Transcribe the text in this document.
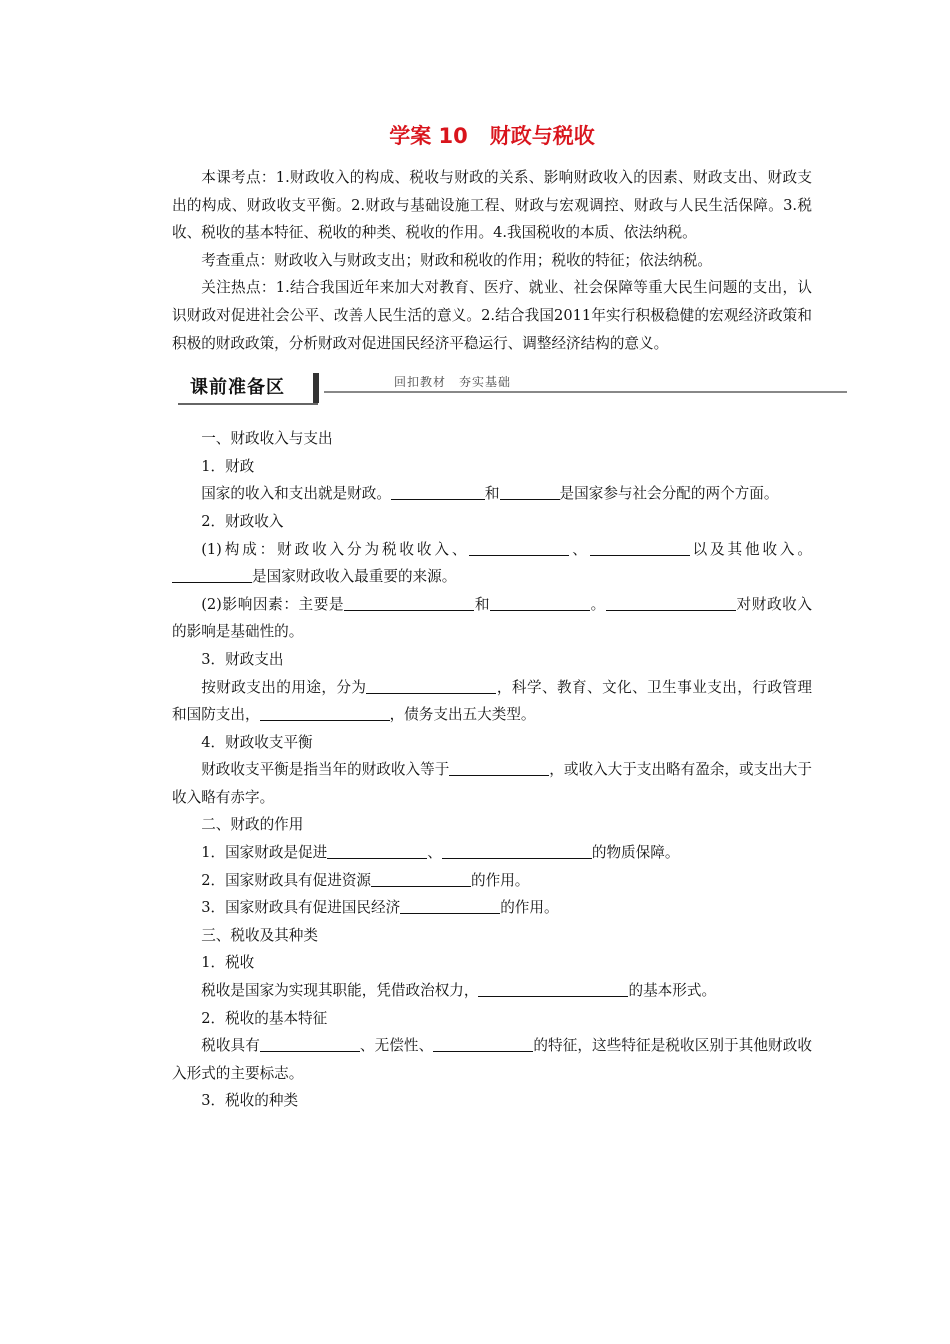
学案 10 财政与税收

本课考点：1.财政收入的构成、税收与财政的关系、影响财政收入的因素、财政支出、财政支出的构成、财政收支平衡。2.财政与基础设施工程、财政与宏观调控、财政与人民生活保障。3.税收、税收的基本特征、税收的种类、税收的作用。4.我国税收的本质、依法纳税。

考查重点：财政收入与财政支出；财政和税收的作用；税收的特征；依法纳税。

关注热点：1.结合我国近年来加大对教育、医疗、就业、社会保障等重大民生问题的支出，认识财政对促进社会公平、改善人民生活的意义。2.结合我国2011年实行积极稳健的宏观经济政策和积极的财政政策，分析财政对促进国民经济平稳运行、调整经济结构的意义。

课前准备区	回扣教材　夯实基础

一、财政收入与支出

1．财政

国家的收入和支出就是财政。	和	是国家参与社会分配的两个方面。

2．财政收入

(1)构成：财政收入分为税收收入、	、	以及其他收入。是国家财政收入最重要的来源。

(2)影响因素：主要是	和	。	对财政收入的影响是基础性的。

3．财政支出

按财政支出的用途，分为	，科学、教育、文化、卫生事业支出，行政管理和国防支出，	，债务支出五大类型。

4．财政收支平衡

财政收支平衡是指当年的财政收入等于	，或收入大于支出略有盈余，或支出大于收入略有赤字。

二、财政的作用

1．国家财政是促进	、	的物质保障。

2．国家财政具有促进资源	的作用。

3．国家财政具有促进国民经济	的作用。

三、税收及其种类

1．税收

税收是国家为实现其职能，凭借政治权力，	的基本形式。

2．税收的基本特征

税收具有	、无偿性、	的特征，这些特征是税收区别于其他财政收入形式的主要标志。

3．税收的种类
